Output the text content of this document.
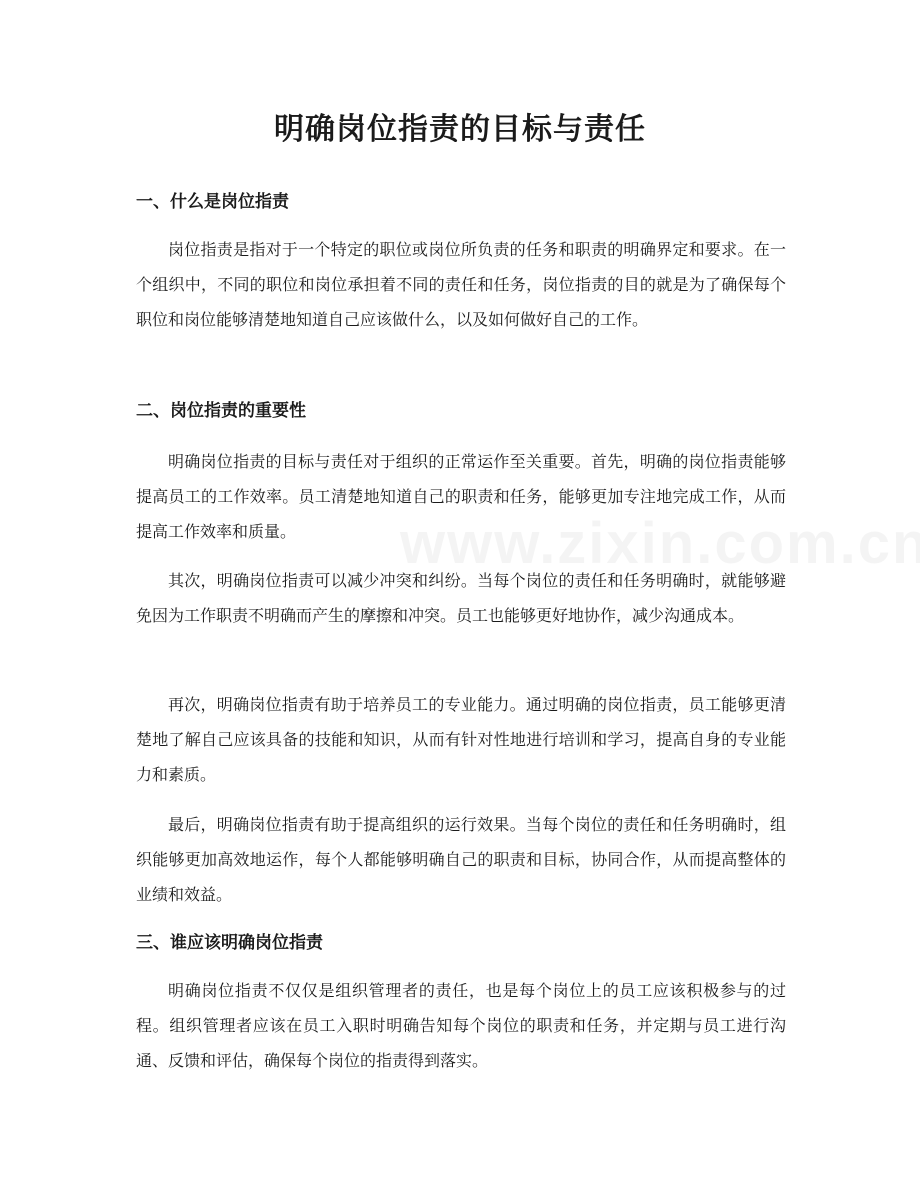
明确岗位指责的目标与责任
一、什么是岗位指责

岗位指责是指对于一个特定的职位或岗位所负责的任务和职责的明确界定和要求。在一个组织中，不同的职位和岗位承担着不同的责任和任务，岗位指责的目的就是为了确保每个职位和岗位能够清楚地知道自己应该做什么，以及如何做好自己的工作。

二、岗位指责的重要性

明确岗位指责的目标与责任对于组织的正常运作至关重要。首先，明确的岗位指责能够提高员工的工作效率。员工清楚地知道自己的职责和任务，能够更加专注地完成工作，从而提高工作效率和质量。

其次，明确岗位指责可以减少冲突和纠纷。当每个岗位的责任和任务明确时，就能够避免因为工作职责不明确而产生的摩擦和冲突。员工也能够更好地协作，减少沟通成本。

再次，明确岗位指责有助于培养员工的专业能力。通过明确的岗位指责，员工能够更清楚地了解自己应该具备的技能和知识，从而有针对性地进行培训和学习，提高自身的专业能力和素质。

最后，明确岗位指责有助于提高组织的运行效果。当每个岗位的责任和任务明确时，组织能够更加高效地运作，每个人都能够明确自己的职责和目标，协同合作，从而提高整体的业绩和效益。

三、谁应该明确岗位指责

明确岗位指责不仅仅是组织管理者的责任，也是每个岗位上的员工应该积极参与的过程。组织管理者应该在员工入职时明确告知每个岗位的职责和任务，并定期与员工进行沟通、反馈和评估，确保每个岗位的指责得到落实。
